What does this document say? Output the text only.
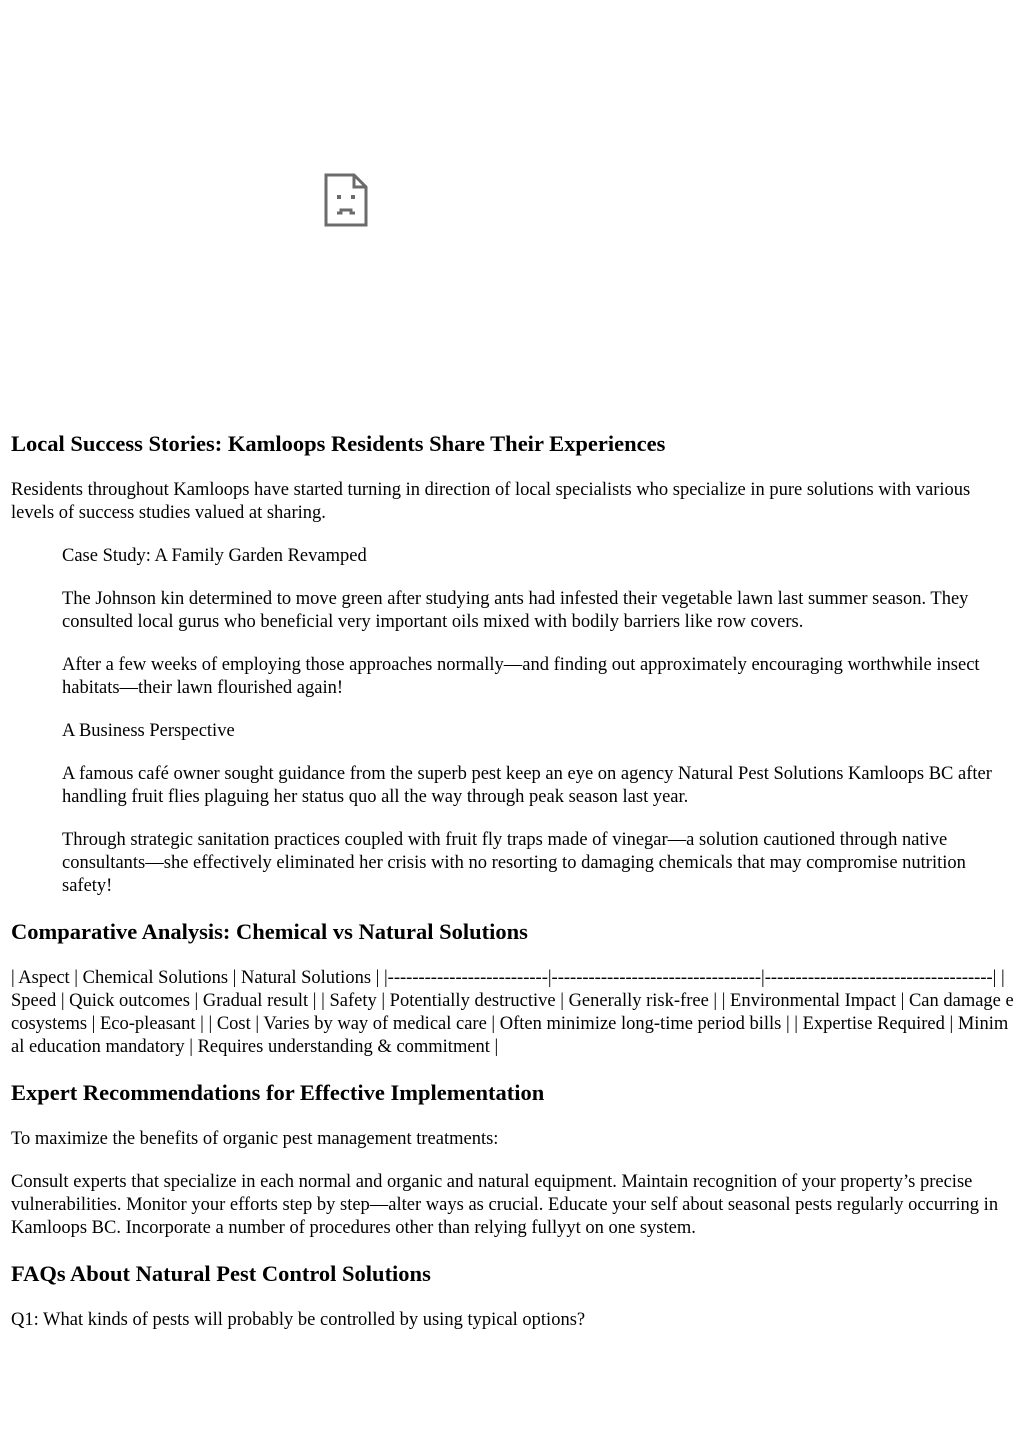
Local Success Stories: Kamloops Residents Share Their Experiences

Residents throughout Kamloops have started turning in direction of local specialists who specialize in pure solutions with various levels of success studies valued at sharing.

Case Study: A Family Garden Revamped

The Johnson kin determined to move green after studying ants had infested their vegetable lawn last summer season. They consulted local gurus who beneficial very important oils mixed with bodily barriers like row covers.

After a few weeks of employing those approaches normally—and finding out approximately encouraging worthwhile insect habitats—their lawn flourished again!

A Business Perspective

A famous café owner sought guidance from the superb pest keep an eye on agency Natural Pest Solutions Kamloops BC after handling fruit flies plaguing her status quo all the way through peak season last year.

Through strategic sanitation practices coupled with fruit fly traps made of vinegar—a solution cautioned through native consultants—she effectively eliminated her crisis with no resorting to damaging chemicals that may compromise nutrition safety!

Comparative Analysis: Chemical vs Natural Solutions

| Aspect | Chemical Solutions | Natural Solutions | |--------------------------|----------------------------------|-------------------------------------| | Speed | Quick outcomes | Gradual result | | Safety | Potentially destructive | Generally risk-free | | Environmental Impact | Can damage ecosystems | Eco-pleasant | | Cost | Varies by way of medical care | Often minimize long-time period bills | | Expertise Required | Minimal education mandatory | Requires understanding & commitment |

Expert Recommendations for Effective Implementation

To maximize the benefits of organic pest management treatments:

Consult experts that specialize in each normal and organic and natural equipment. Maintain recognition of your property’s precise vulnerabilities. Monitor your efforts step by step—alter ways as crucial. Educate your self about seasonal pests regularly occurring in Kamloops BC. Incorporate a number of procedures other than relying fullyyt on one system.

FAQs About Natural Pest Control Solutions

Q1: What kinds of pests will probably be controlled by using typical options?
